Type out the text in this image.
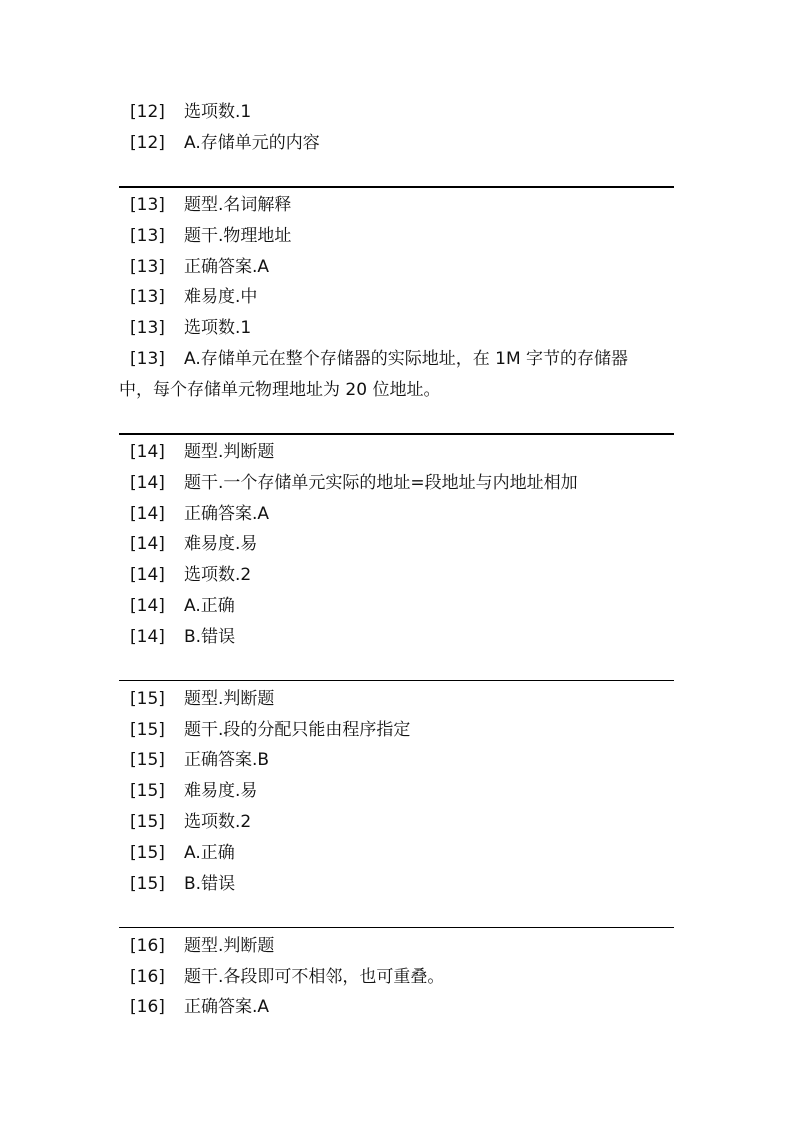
[12] 选项数.1
[12] A.存储单元的内容
[13] 题型.名词解释
[13] 题干.物理地址
[13] 正确答案.A
[13] 难易度.中
[13] 选项数.1
[13] A.存储单元在整个存储器的实际地址，在 1M 字节的存储器
中，每个存储单元物理地址为 20 位地址。
[14] 题型.判断题
[14] 题干.一个存储单元实际的地址=段地址与内地址相加
[14] 正确答案.A
[14] 难易度.易
[14] 选项数.2
[14] A.正确
[14] B.错误
[15] 题型.判断题
[15] 题干.段的分配只能由程序指定
[15] 正确答案.B
[15] 难易度.易
[15] 选项数.2
[15] A.正确
[15] B.错误
[16] 题型.判断题
[16] 题干.各段即可不相邻，也可重叠。
[16] 正确答案.A
